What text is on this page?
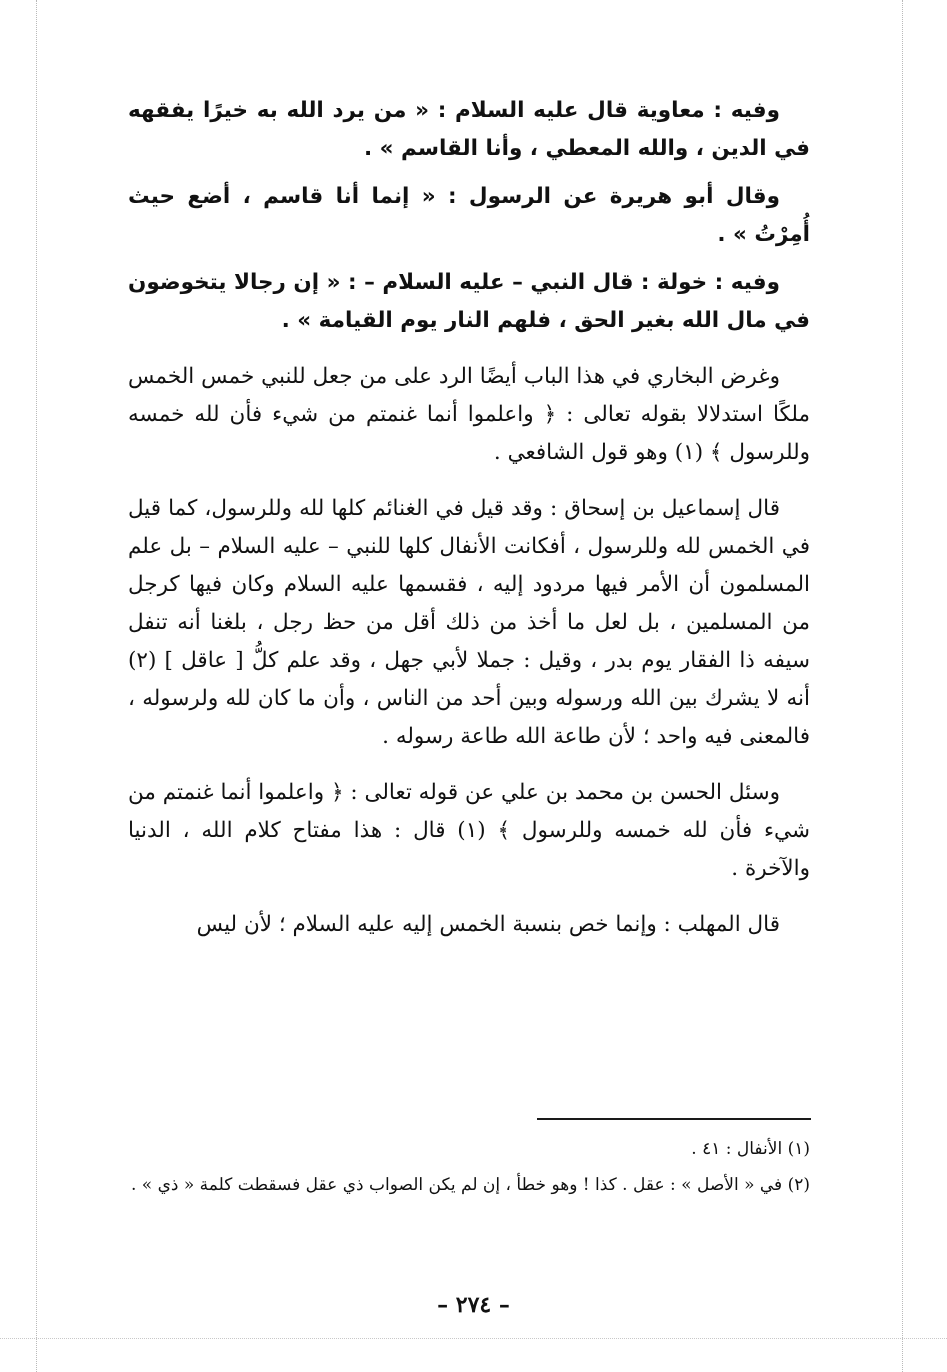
وفيه : معاوية قال عليه السلام : « من يرد الله به خيرًا يفقهه في الدين ، والله المعطي ، وأنا القاسم » .

وقال أبو هريرة عن الرسول : « إنما أنا قاسم ، أضع حيث أُمِرْتُ » .

وفيه : خولة : قال النبي – عليه السلام – : « إن رجالا يتخوضون في مال الله بغير الحق ، فلهم النار يوم القيامة » .

وغرض البخاري في هذا الباب أيضًا الرد على من جعل للنبي خمس الخمس ملكًا استدلالا بقوله تعالى : ﴿ واعلموا أنما غنمتم من شيء فأن لله خمسه وللرسول ﴾ (١) وهو قول الشافعي .

قال إسماعيل بن إسحاق : وقد قيل في الغنائم كلها لله وللرسول، كما قيل في الخمس لله وللرسول ، أفكانت الأنفال كلها للنبي – عليه السلام – بل علم المسلمون أن الأمر فيها مردود إليه ، فقسمها عليه السلام وكان فيها كرجل من المسلمين ، بل لعل ما أخذ من ذلك أقل من حظ رجل ، بلغنا أنه تنفل سيفه ذا الفقار يوم بدر ، وقيل : جملا لأبي جهل ، وقد علم كلُّ [ عاقل ] (٢) أنه لا يشرك بين الله ورسوله وبين أحد من الناس ، وأن ما كان لله ولرسوله ، فالمعنى فيه واحد ؛ لأن طاعة الله طاعة رسوله .

وسئل الحسن بن محمد بن علي عن قوله تعالى : ﴿ واعلموا أنما غنمتم من شيء فأن لله خمسه وللرسول ﴾ (١) قال : هذا مفتاح كلام الله ، الدنيا والآخرة .

قال المهلب : وإنما خص بنسبة الخمس إليه عليه السلام ؛ لأن ليس

(١) الأنفال : ٤١ .

(٢) في « الأصل » : عقل . كذا ! وهو خطأ ، إن لم يكن الصواب ذي عقل فسقطت كلمة « ذي » .

– ٢٧٤ –
